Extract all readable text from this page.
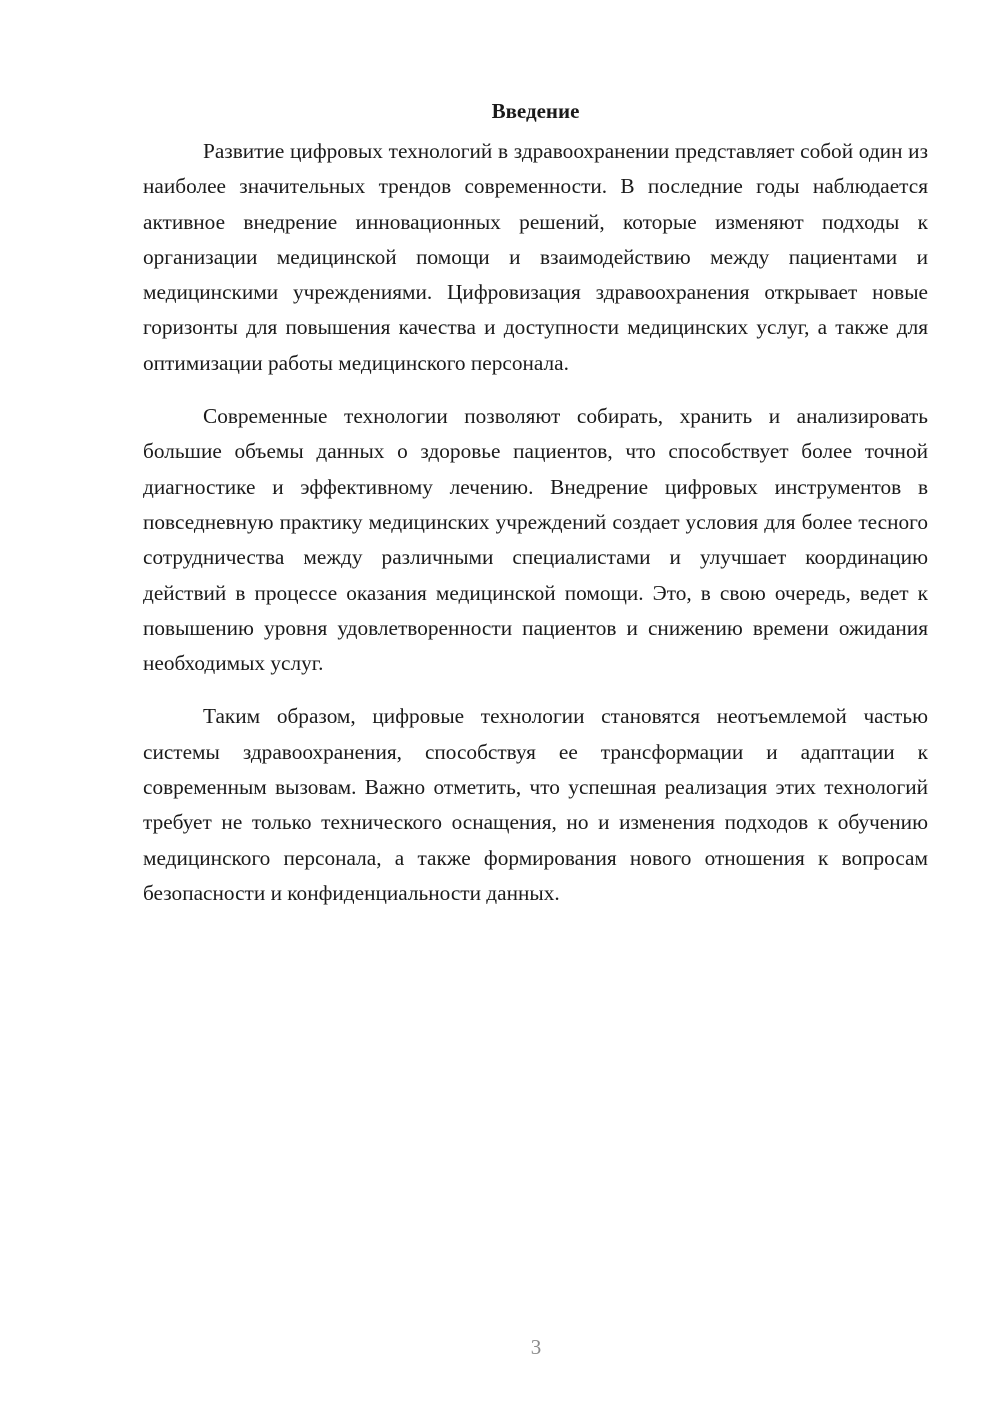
Введение

Развитие цифровых технологий в здравоохранении представляет собой один из наиболее значительных трендов современности. В последние годы наблюдается активное внедрение инновационных решений, которые изменяют подходы к организации медицинской помощи и взаимодействию между пациентами и медицинскими учреждениями. Цифровизация здравоохранения открывает новые горизонты для повышения качества и доступности медицинских услуг, а также для оптимизации работы медицинского персонала.

Современные технологии позволяют собирать, хранить и анализировать большие объемы данных о здоровье пациентов, что способствует более точной диагностике и эффективному лечению. Внедрение цифровых инструментов в повседневную практику медицинских учреждений создает условия для более тесного сотрудничества между различными специалистами и улучшает координацию действий в процессе оказания медицинской помощи. Это, в свою очередь, ведет к повышению уровня удовлетворенности пациентов и снижению времени ожидания необходимых услуг.

Таким образом, цифровые технологии становятся неотъемлемой частью системы здравоохранения, способствуя ее трансформации и адаптации к современным вызовам. Важно отметить, что успешная реализация этих технологий требует не только технического оснащения, но и изменения подходов к обучению медицинского персонала, а также формирования нового отношения к вопросам безопасности и конфиденциальности данных.

3
